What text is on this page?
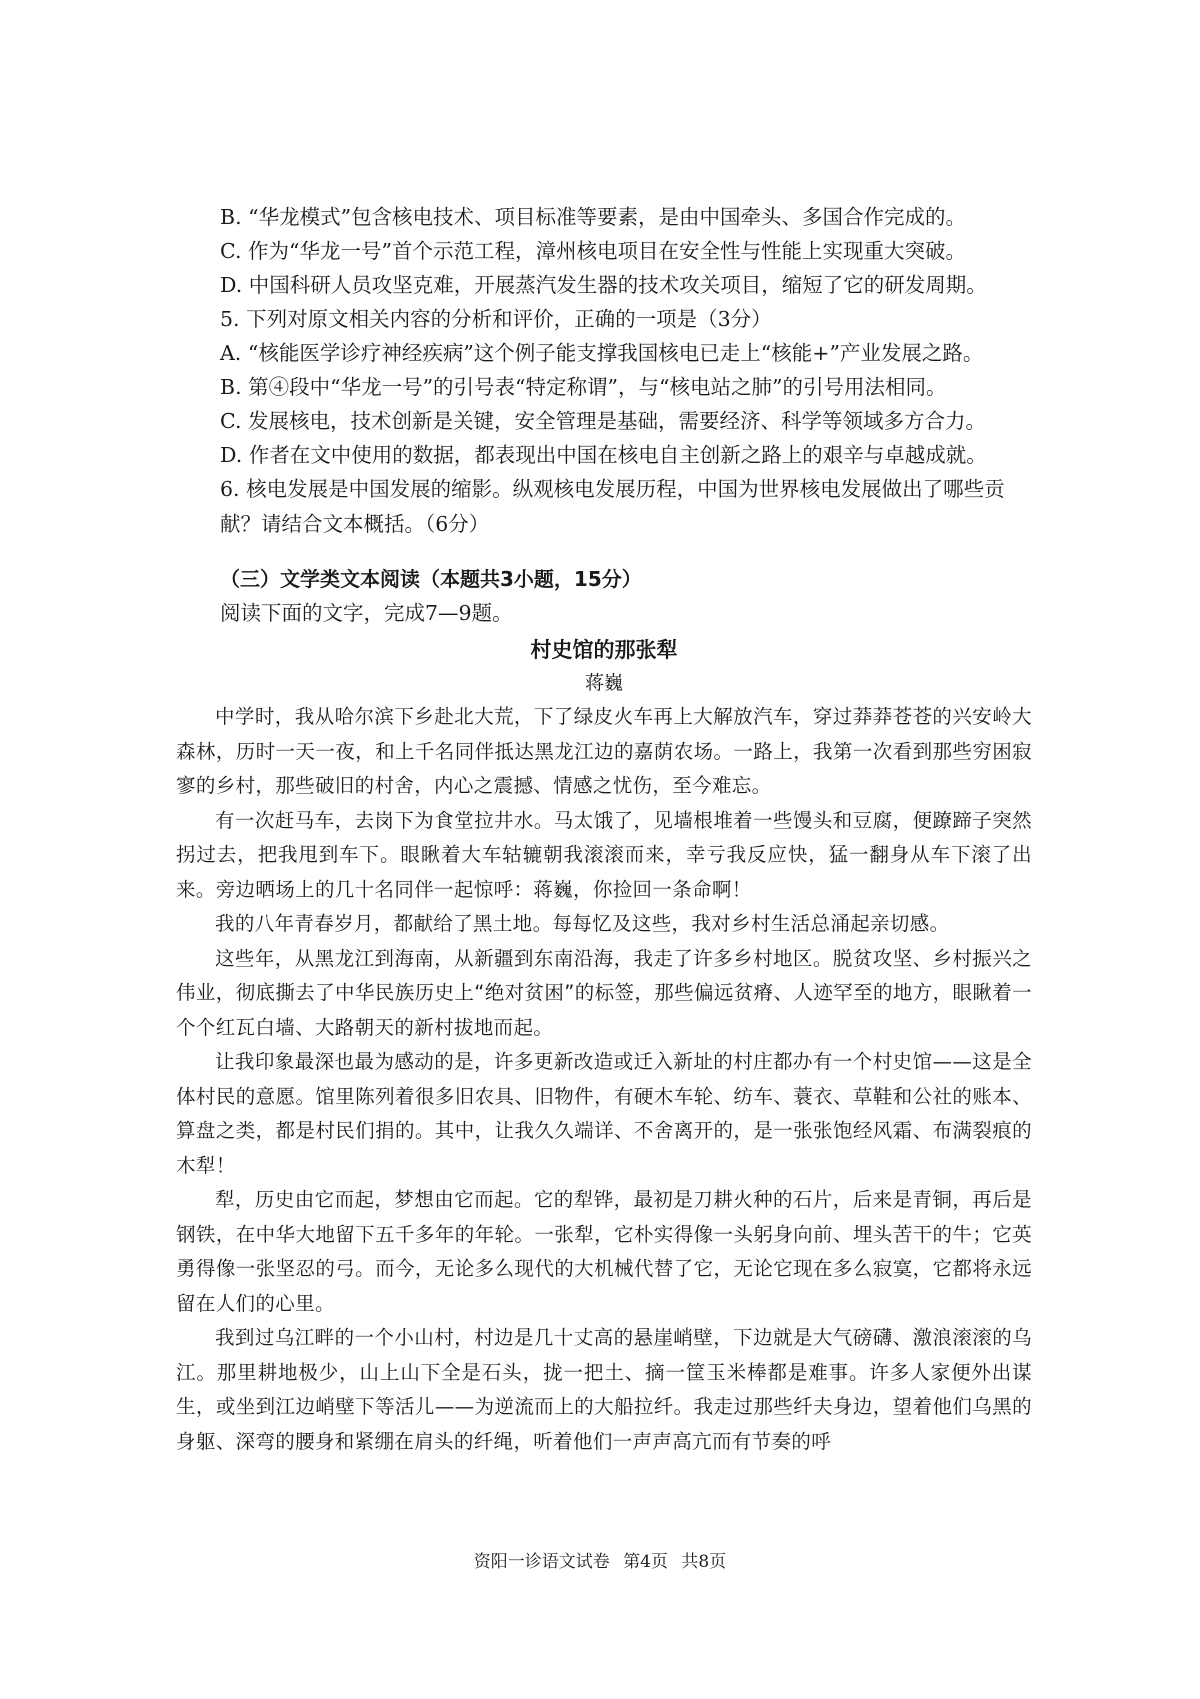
B. “华龙模式”包含核电技术、项目标准等要素，是由中国牵头、多国合作完成的。
C. 作为“华龙一号”首个示范工程，漳州核电项目在安全性与性能上实现重大突破。
D. 中国科研人员攻坚克难，开展蒸汽发生器的技术攻关项目，缩短了它的研发周期。
5. 下列对原文相关内容的分析和评价，正确的一项是（3分）
A. “核能医学诊疗神经疾病”这个例子能支撑我国核电已走上“核能+”产业发展之路。
B. 第④段中“华龙一号”的引号表“特定称谓”，与“核电站之肺”的引号用法相同。
C. 发展核电，技术创新是关键，安全管理是基础，需要经济、科学等领域多方合力。
D. 作者在文中使用的数据，都表现出中国在核电自主创新之路上的艰辛与卓越成就。
6. 核电发展是中国发展的缩影。纵观核电发展历程，中国为世界核电发展做出了哪些贡献？请结合文本概括。（6分）
（三）文学类文本阅读（本题共3小题，15分）
阅读下面的文字，完成7—9题。
村史馆的那张犁
蒋巍

中学时，我从哈尔滨下乡赴北大荒，下了绿皮火车再上大解放汽车，穿过莽莽苍苍的兴安岭大森林，历时一天一夜，和上千名同伴抵达黑龙江边的嘉荫农场。一路上，我第一次看到那些穷困寂寥的乡村，那些破旧的村舍，内心之震撼、情感之忧伤，至今难忘。

有一次赶马车，去岗下为食堂拉井水。马太饿了，见墙根堆着一些馒头和豆腐，便蹽蹄子突然拐过去，把我甩到车下。眼瞅着大车轱辘朝我滚滚而来，幸亏我反应快，猛一翻身从车下滚了出来。旁边晒场上的几十名同伴一起惊呼：蒋巍，你捡回一条命啊！

我的八年青春岁月，都献给了黑土地。每每忆及这些，我对乡村生活总涌起亲切感。

这些年，从黑龙江到海南，从新疆到东南沿海，我走了许多乡村地区。脱贫攻坚、乡村振兴之伟业，彻底撕去了中华民族历史上“绝对贫困”的标签，那些偏远贫瘠、人迹罕至的地方，眼瞅着一个个红瓦白墙、大路朝天的新村拔地而起。

让我印象最深也最为感动的是，许多更新改造或迁入新址的村庄都办有一个村史馆——这是全体村民的意愿。馆里陈列着很多旧农具、旧物件，有硬木车轮、纺车、蓑衣、草鞋和公社的账本、算盘之类，都是村民们捐的。其中，让我久久端详、不舍离开的，是一张张饱经风霜、布满裂痕的木犁！

犁，历史由它而起，梦想由它而起。它的犁铧，最初是刀耕火种的石片，后来是青铜，再后是钢铁，在中华大地留下五千多年的年轮。一张犁，它朴实得像一头躬身向前、埋头苦干的牛；它英勇得像一张坚忍的弓。而今，无论多么现代的大机械代替了它，无论它现在多么寂寞，它都将永远留在人们的心里。

我到过乌江畔的一个小山村，村边是几十丈高的悬崖峭壁，下边就是大气磅礴、激浪滚滚的乌江。那里耕地极少，山上山下全是石头，拢一把土、摘一筐玉米棒都是难事。许多人家便外出谋生，或坐到江边峭壁下等活儿——为逆流而上的大船拉纤。我走过那些纤夫身边，望着他们乌黑的身躯、深弯的腰身和紧绷在肩头的纤绳，听着他们一声声高亢而有节奏的呼

资阳一诊语文试卷 第4页 共8页
